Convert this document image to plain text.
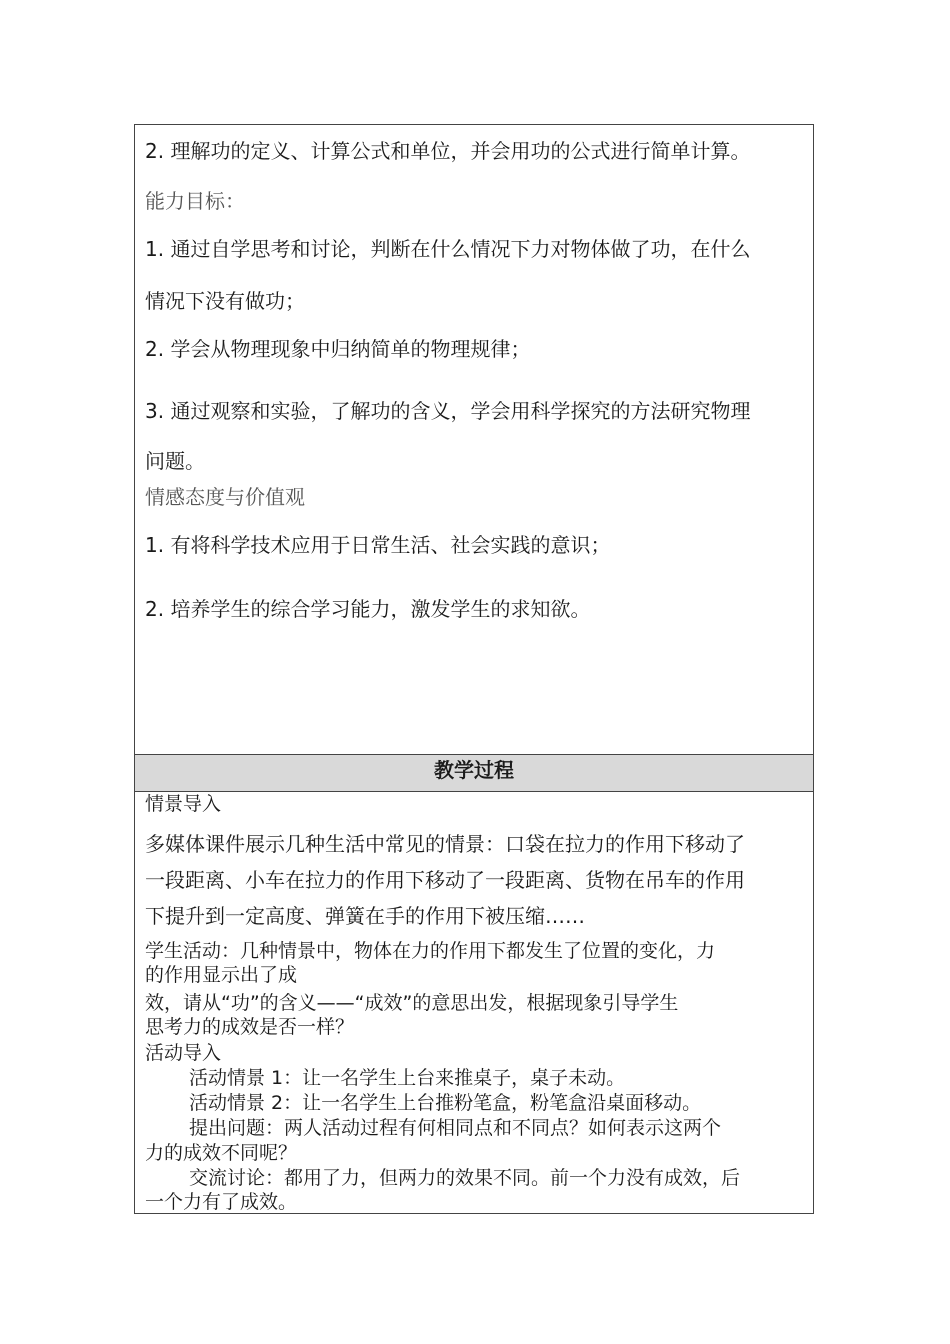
2. 理解功的定义、计算公式和单位，并会用功的公式进行简单计算。
能力目标：
1. 通过自学思考和讨论，判断在什么情况下力对物体做了功，在什么
情况下没有做功；
2. 学会从物理现象中归纳简单的物理规律；
3. 通过观察和实验，了解功的含义，学会用科学探究的方法研究物理
问题。
情感态度与价值观
1. 有将科学技术应用于日常生活、社会实践的意识；
2. 培养学生的综合学习能力，激发学生的求知欲。
教学过程
情景导入
多媒体课件展示几种生活中常见的情景：口袋在拉力的作用下移动了
一段距离、小车在拉力的作用下移动了一段距离、货物在吊车的作用
下提升到一定高度、弹簧在手的作用下被压缩……
学生活动：几种情景中，物体在力的作用下都发生了位置的变化，力
的作用显示出了成
效，请从“功”的含义——“成效”的意思出发，根据现象引导学生
思考力的成效是否一样？
活动导入
活动情景 1：让一名学生上台来推桌子，桌子未动。
活动情景 2：让一名学生上台推粉笔盒，粉笔盒沿桌面移动。
提出问题：两人活动过程有何相同点和不同点？如何表示这两个
力的成效不同呢？
交流讨论：都用了力，但两力的效果不同。前一个力没有成效，后
一个力有了成效。
